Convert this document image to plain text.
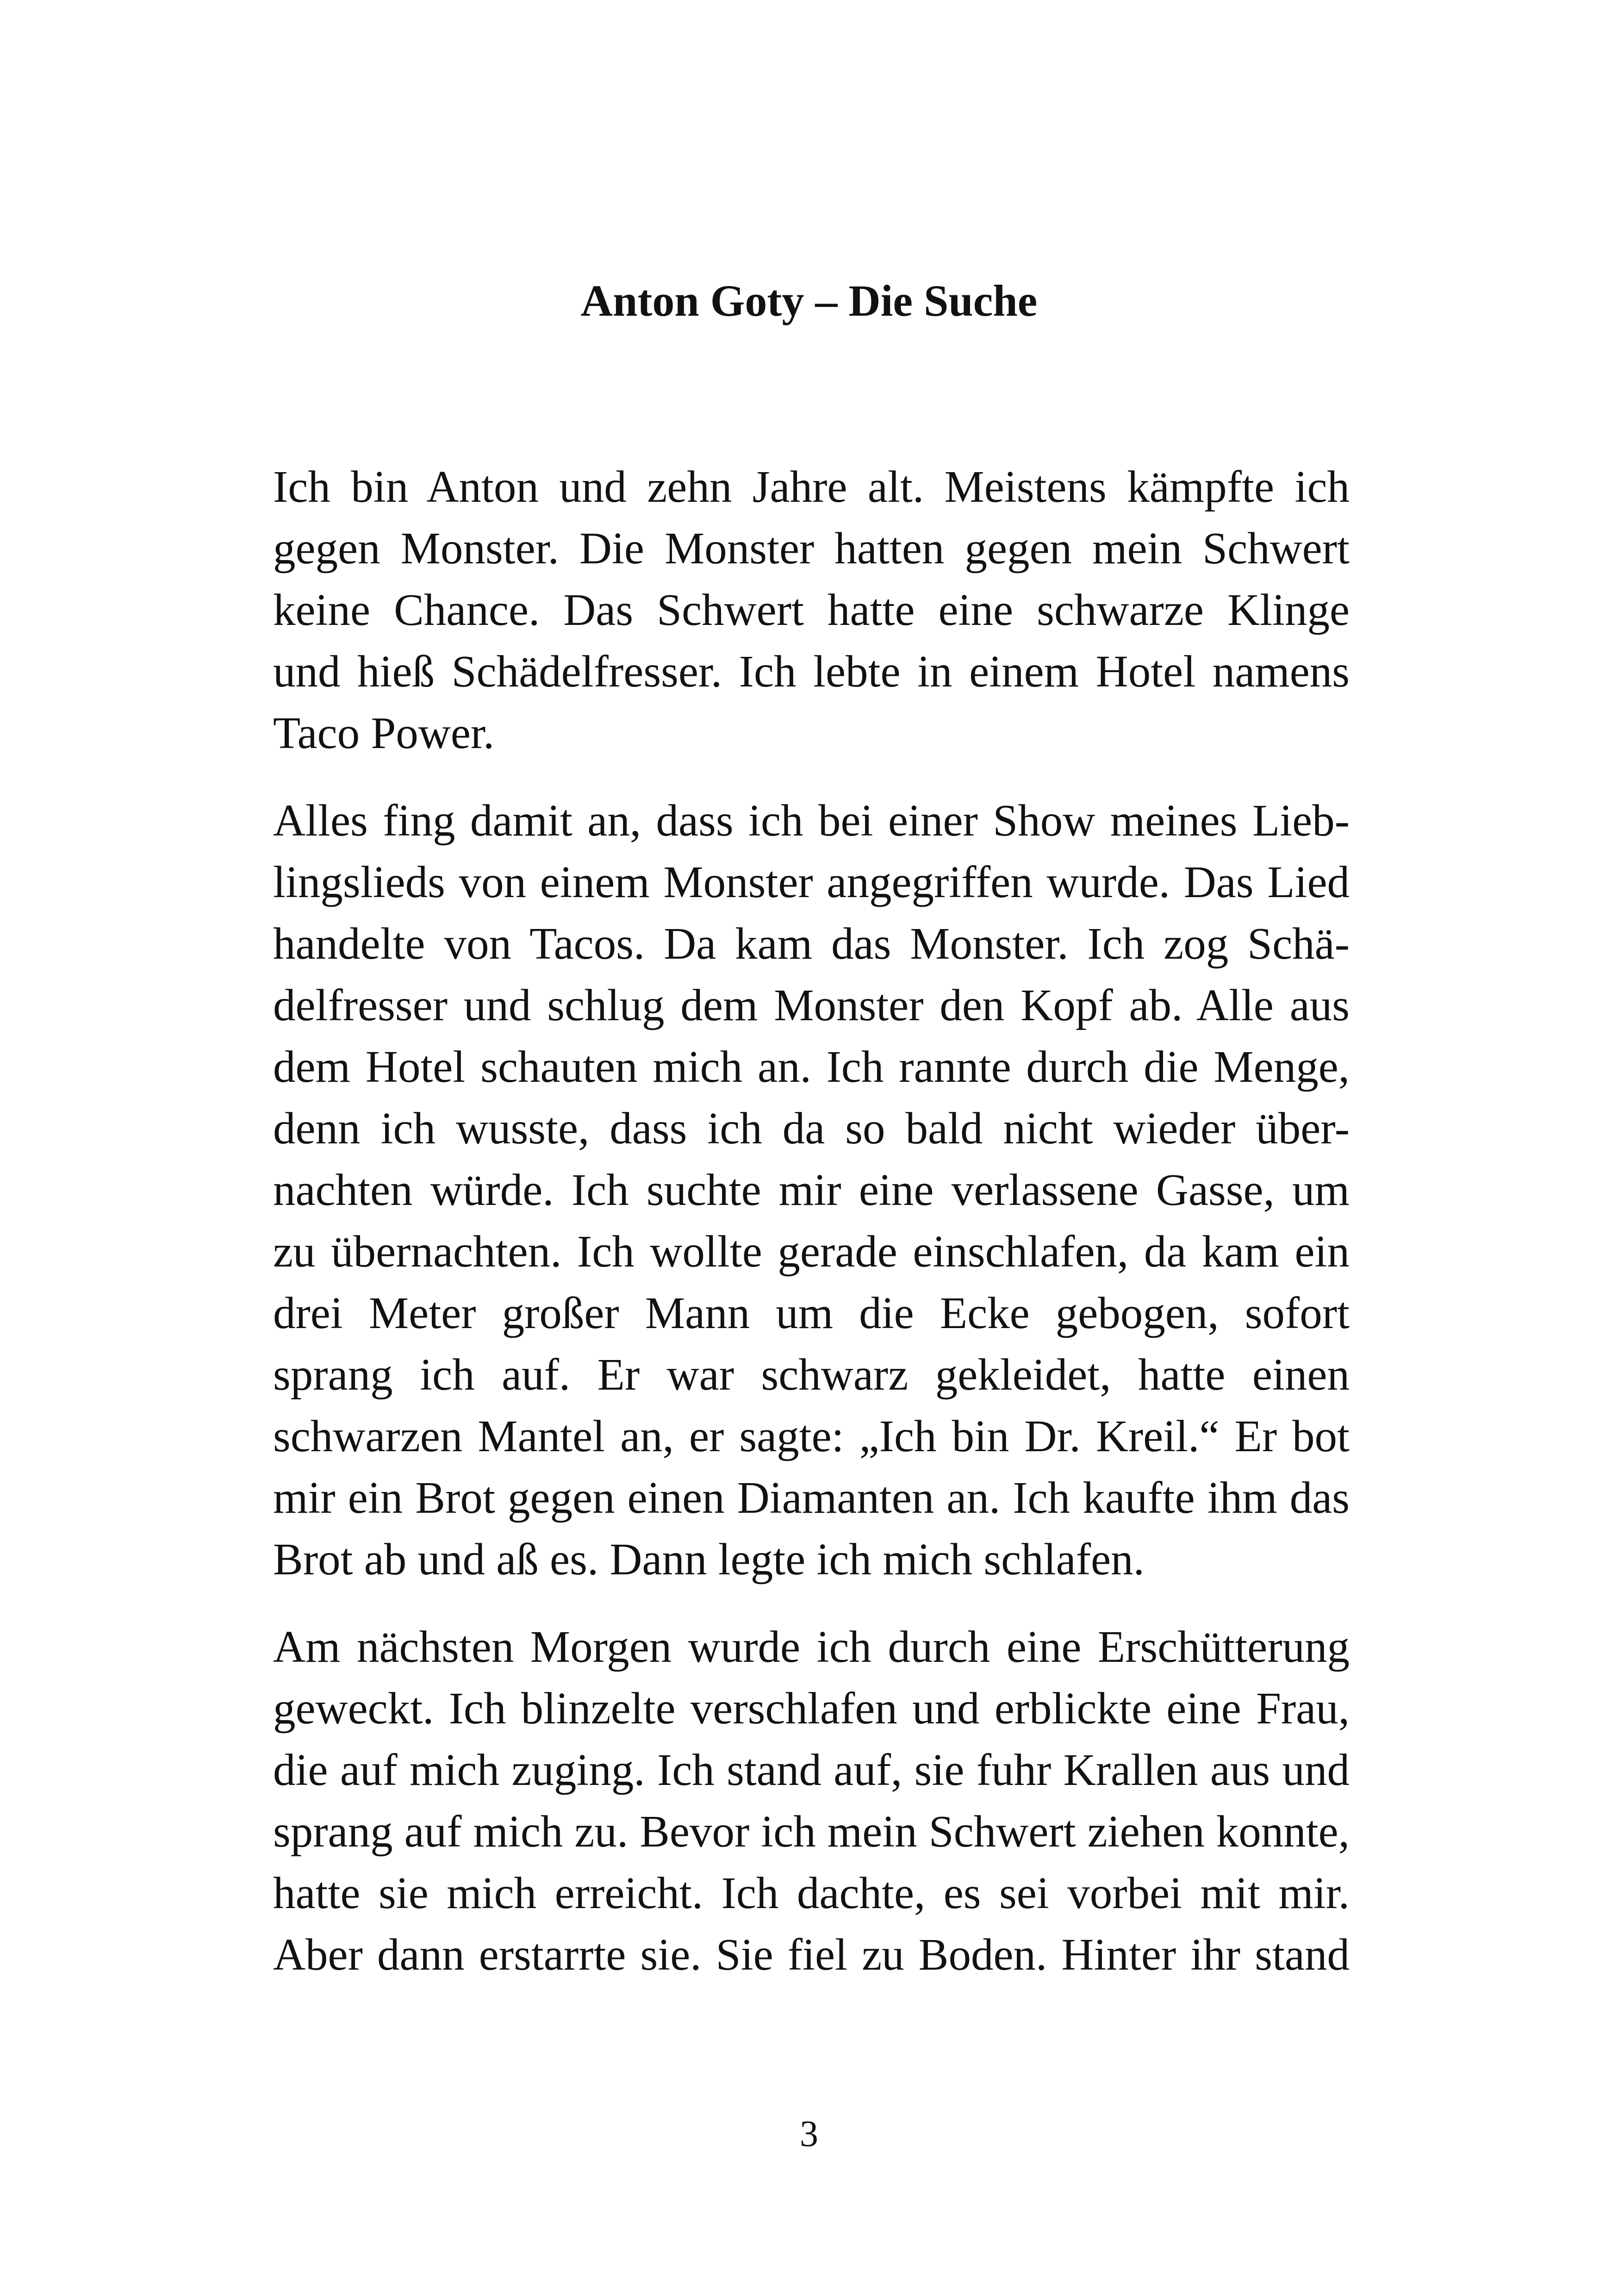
Anton Goty – Die Suche

Ich bin Anton und zehn Jahre alt. Meistens kämpfte ich
gegen Monster. Die Monster hatten gegen mein Schwert
keine Chance. Das Schwert hatte eine schwarze Klinge
und hieß Schädelfresser. Ich lebte in einem Hotel namens
Taco Power.

Alles fing damit an, dass ich bei einer Show meines Lieb-
lingslieds von einem Monster angegriffen wurde. Das Lied
handelte von Tacos. Da kam das Monster. Ich zog Schä-
delfresser und schlug dem Monster den Kopf ab. Alle aus
dem Hotel schauten mich an. Ich rannte durch die Menge,
denn ich wusste, dass ich da so bald nicht wieder über-
nachten würde. Ich suchte mir eine verlassene Gasse, um
zu übernachten. Ich wollte gerade einschlafen, da kam ein
drei Meter großer Mann um die Ecke gebogen, sofort
sprang ich auf. Er war schwarz gekleidet, hatte einen
schwarzen Mantel an, er sagte: „Ich bin Dr. Kreil.“ Er bot
mir ein Brot gegen einen Diamanten an. Ich kaufte ihm das
Brot ab und aß es. Dann legte ich mich schlafen.

Am nächsten Morgen wurde ich durch eine Erschütterung
geweckt. Ich blinzelte verschlafen und erblickte eine Frau,
die auf mich zuging. Ich stand auf, sie fuhr Krallen aus und
sprang auf mich zu. Bevor ich mein Schwert ziehen konnte,
hatte sie mich erreicht. Ich dachte, es sei vorbei mit mir.
Aber dann erstarrte sie. Sie fiel zu Boden. Hinter ihr stand

3
